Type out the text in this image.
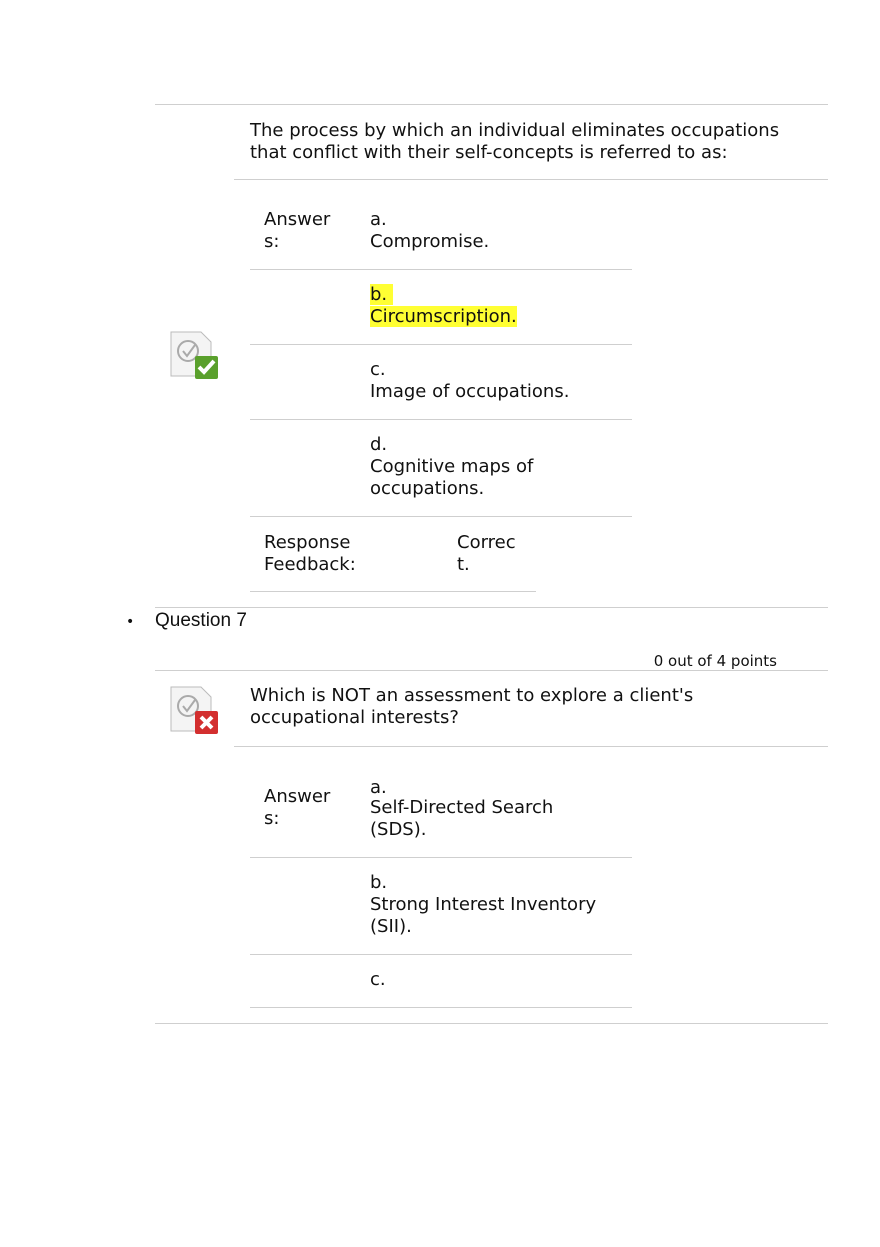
The process by which an individual eliminates occupations that conflict with their self-concepts is referred to as:
Answer
s:
a.
Compromise.
b.
Circumscription.
c.
Image of occupations.
d.
Cognitive maps of
occupations.
Response
Feedback:
Correc
t.
• Question 7
0 out of 4 points
Which is NOT an assessment to explore a client's occupational interests?
Answer
s:
a.
Self-Directed Search
(SDS).
b.
Strong Interest Inventory
(SII).
c.
